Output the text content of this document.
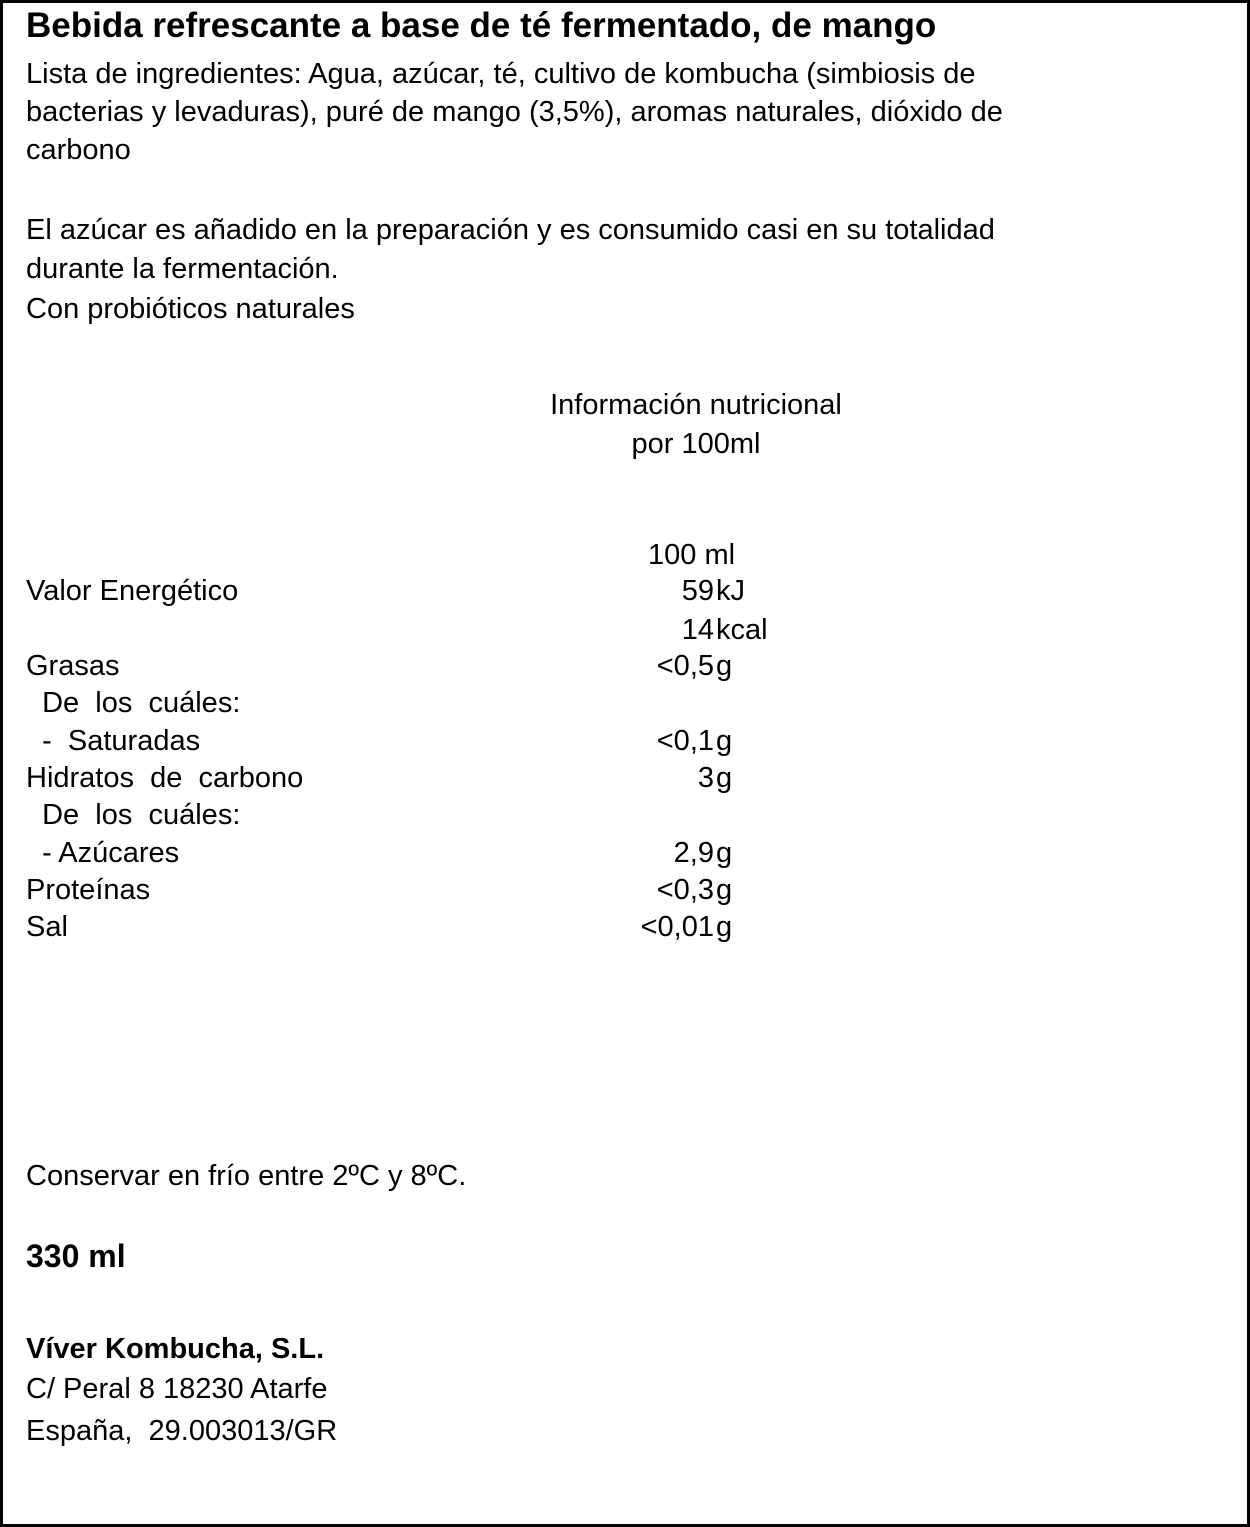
Bebida refrescante a base de té fermentado, de mango
Lista de ingredientes: Agua, azúcar, té, cultivo de kombucha (simbiosis de
bacterias y levaduras), puré de mango (3,5%), aromas naturales, dióxido de
carbono
El azúcar es añadido en la preparación y es consumido casi en su totalidad
durante la fermentación.
Con probióticos naturales
Información nutricional
por 100ml
100 ml
Valor Energético	59 kJ
14 kcal
Grasas	<0,5 g
De  los  cuáles:
-  Saturadas	<0,1 g
Hidratos  de  carbono	3 g
De  los  cuáles:
- Azúcares	2,9 g
Proteínas	<0,3 g
Sal	<0,01 g
Conservar en frío entre 2ºC y 8ºC.
330 ml
Víver Kombucha, S.L.
C/ Peral 8 18230 Atarfe
España,  29.003013/GR
